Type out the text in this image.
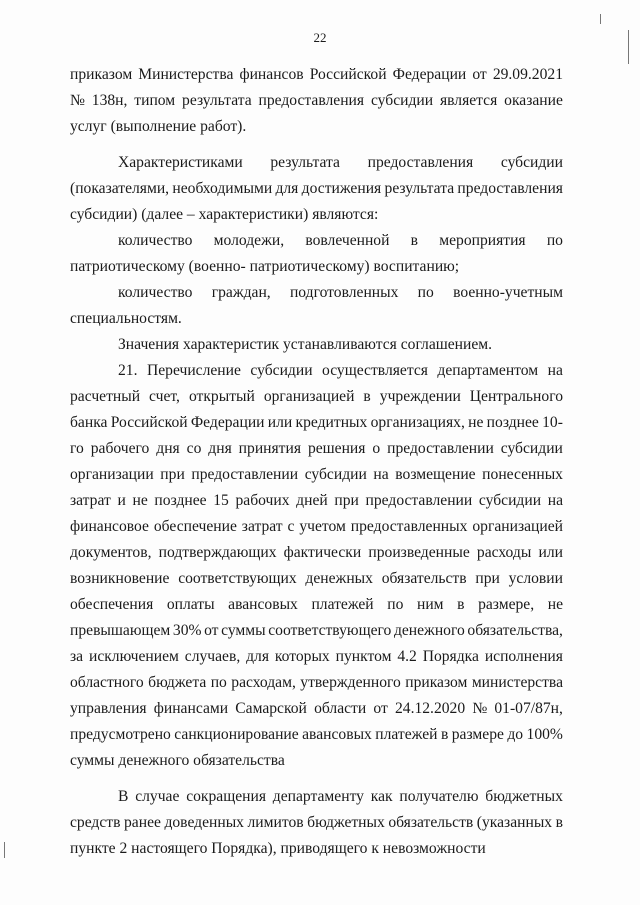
22
приказом Министерства финансов Российской Федерации от 29.09.2021
№ 138н, типом результата предоставления субсидии является оказание
услуг (выполнение работ).
Характеристиками результата предоставления субсидии
(показателями, необходимыми для достижения результата предоставления
субсидии) (далее – характеристики) являются:
количество молодежи, вовлеченной в мероприятия по
патриотическому (военно- патриотическому) воспитанию;
количество граждан, подготовленных по военно-учетным
специальностям.
Значения характеристик устанавливаются соглашением.
21. Перечисление субсидии осуществляется департаментом на
расчетный счет, открытый организацией в учреждении Центрального
банка Российской Федерации или кредитных организациях, не позднее 10-
го рабочего дня со дня принятия решения о предоставлении субсидии
организации при предоставлении субсидии на возмещение понесенных
затрат и не позднее 15 рабочих дней при предоставлении субсидии на
финансовое обеспечение затрат с учетом предоставленных организацией
документов, подтверждающих фактически произведенные расходы или
возникновение соответствующих денежных обязательств при условии
обеспечения оплаты авансовых платежей по ним в размере, не
превышающем 30% от суммы соответствующего денежного обязательства,
за исключением случаев, для которых пунктом 4.2 Порядка исполнения
областного бюджета по расходам, утвержденного приказом министерства
управления финансами Самарской области от 24.12.2020 № 01-07/87н,
предусмотрено санкционирование авансовых платежей в размере до 100%
суммы денежного обязательства
В случае сокращения департаменту как получателю бюджетных
средств ранее доведенных лимитов бюджетных обязательств (указанных в
пункте 2 настоящего Порядка), приводящего к невозможности
